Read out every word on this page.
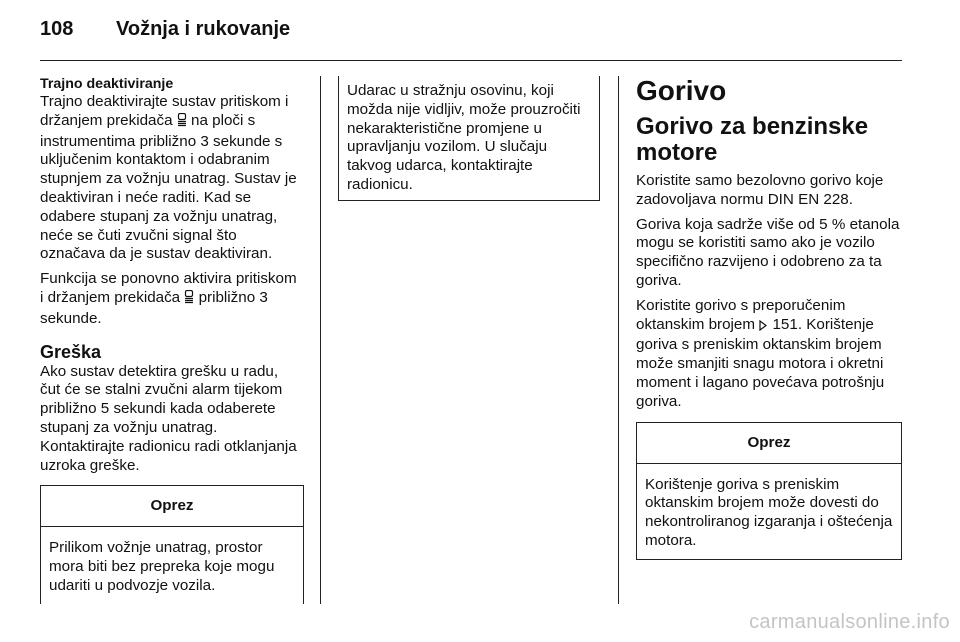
108 Vožnja i rukovanje
Trajno deaktiviranje

Trajno deaktivirajte sustav pritiskom i držanjem prekidača na ploči s instrumentima približno 3 sekunde s uključenim kontaktom i odabranim stupnjem za vožnju unatrag. Sustav je deaktiviran i neće raditi. Kad se odabere stupanj za vožnju unatrag, neće se čuti zvučni signal što označava da je sustav deaktiviran.

Funkcija se ponovno aktivira pritiskom i držanjem prekidača približno 3 sekunde.

Greška

Ako sustav detektira grešku u radu, čut će se stalni zvučni alarm tijekom približno 5 sekundi kada odaberete stupanj za vožnju unatrag. Kontaktirajte radionicu radi otklanjanja uzroka greške.

Oprez
Prilikom vožnje unatrag, prostor mora biti bez prepreka koje mogu udariti u podvozje vozila.
Udarac u stražnju osovinu, koji možda nije vidljiv, može prouzročiti nekarakteristične promjene u upravljanju vozilom. U slučaju takvog udarca, kontaktirajte radionicu.
Gorivo
Gorivo za benzinske motore

Koristite samo bezolovno gorivo koje zadovoljava normu DIN EN 228.

Goriva koja sadrže više od 5 % etanola mogu se koristiti samo ako je vozilo specifično razvijeno i odobreno za ta goriva.

Koristite gorivo s preporučenim oktanskim brojem 151. Korištenje goriva s preniskim oktanskim brojem može smanjiti snagu motora i okretni moment i lagano povećava potrošnju goriva.

Oprez
Korištenje goriva s preniskim oktanskim brojem može dovesti do nekontroliranog izgaranja i oštećenja motora.
carmanualsonline.info
